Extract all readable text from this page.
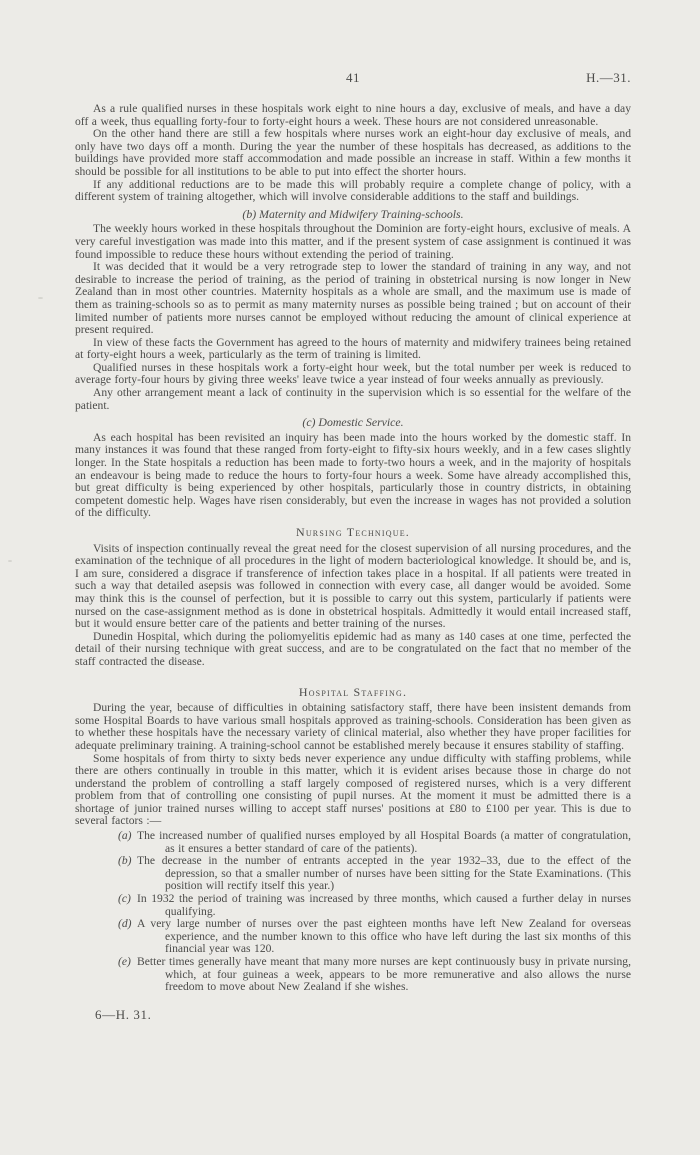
41	H.—31.

As a rule qualified nurses in these hospitals work eight to nine hours a day, exclusive of meals, and have a day off a week, thus equalling forty-four to forty-eight hours a week. These hours are not considered unreasonable.

On the other hand there are still a few hospitals where nurses work an eight-hour day exclusive of meals, and only have two days off a month. During the year the number of these hospitals has decreased, as additions to the buildings have provided more staff accommodation and made possible an increase in staff. Within a few months it should be possible for all institutions to be able to put into effect the shorter hours.

If any additional reductions are to be made this will probably require a complete change of policy, with a different system of training altogether, which will involve considerable additions to the staff and buildings.

(b) Maternity and Midwifery Training-schools.

The weekly hours worked in these hospitals throughout the Dominion are forty-eight hours, exclusive of meals. A very careful investigation was made into this matter, and if the present system of case assignment is continued it was found impossible to reduce these hours without extending the period of training.

It was decided that it would be a very retrograde step to lower the standard of training in any way, and not desirable to increase the period of training, as the period of training in obstetrical nursing is now longer in New Zealand than in most other countries. Maternity hospitals as a whole are small, and the maximum use is made of them as training-schools so as to permit as many maternity nurses as possible being trained ; but on account of their limited number of patients more nurses cannot be employed without reducing the amount of clinical experience at present required.

In view of these facts the Government has agreed to the hours of maternity and midwifery trainees being retained at forty-eight hours a week, particularly as the term of training is limited.

Qualified nurses in these hospitals work a forty-eight hour week, but the total number per week is reduced to average forty-four hours by giving three weeks' leave twice a year instead of four weeks annually as previously.

Any other arrangement meant a lack of continuity in the supervision which is so essential for the welfare of the patient.

(c) Domestic Service.

As each hospital has been revisited an inquiry has been made into the hours worked by the domestic staff. In many instances it was found that these ranged from forty-eight to fifty-six hours weekly, and in a few cases slightly longer. In the State hospitals a reduction has been made to forty-two hours a week, and in the majority of hospitals an endeavour is being made to reduce the hours to forty-four hours a week. Some have already accomplished this, but great difficulty is being experienced by other hospitals, particularly those in country districts, in obtaining competent domestic help. Wages have risen considerably, but even the increase in wages has not provided a solution of the difficulty.

Nursing Technique.

Visits of inspection continually reveal the great need for the closest supervision of all nursing procedures, and the examination of the technique of all procedures in the light of modern bacteriological knowledge. It should be, and is, I am sure, considered a disgrace if transference of infection takes place in a hospital. If all patients were treated in such a way that detailed asepsis was followed in connection with every case, all danger would be avoided. Some may think this is the counsel of perfection, but it is possible to carry out this system, particularly if patients were nursed on the case-assignment method as is done in obstetrical hospitals. Admittedly it would entail increased staff, but it would ensure better care of the patients and better training of the nurses.

Dunedin Hospital, which during the poliomyelitis epidemic had as many as 140 cases at one time, perfected the detail of their nursing technique with great success, and are to be congratulated on the fact that no member of the staff contracted the disease.

Hospital Staffing.

During the year, because of difficulties in obtaining satisfactory staff, there have been insistent demands from some Hospital Boards to have various small hospitals approved as training-schools. Consideration has been given as to whether these hospitals have the necessary variety of clinical material, also whether they have proper facilities for adequate preliminary training. A training-school cannot be established merely because it ensures stability of staffing.

Some hospitals of from thirty to sixty beds never experience any undue difficulty with staffing problems, while there are others continually in trouble in this matter, which it is evident arises because those in charge do not understand the problem of controlling a staff largely composed of registered nurses, which is a very different problem from that of controlling one consisting of pupil nurses. At the moment it must be admitted there is a shortage of junior trained nurses willing to accept staff nurses' positions at £80 to £100 per year. This is due to several factors :—

(a) The increased number of qualified nurses employed by all Hospital Boards (a matter of congratulation, as it ensures a better standard of care of the patients).

(b) The decrease in the number of entrants accepted in the year 1932–33, due to the effect of the depression, so that a smaller number of nurses have been sitting for the State Examinations. (This position will rectify itself this year.)

(c) In 1932 the period of training was increased by three months, which caused a further delay in nurses qualifying.

(d) A very large number of nurses over the past eighteen months have left New Zealand for overseas experience, and the number known to this office who have left during the last six months of this financial year was 120.

(e) Better times generally have meant that many more nurses are kept continuously busy in private nursing, which, at four guineas a week, appears to be more remunerative and also allows the nurse freedom to move about New Zealand if she wishes.

6—H. 31.
